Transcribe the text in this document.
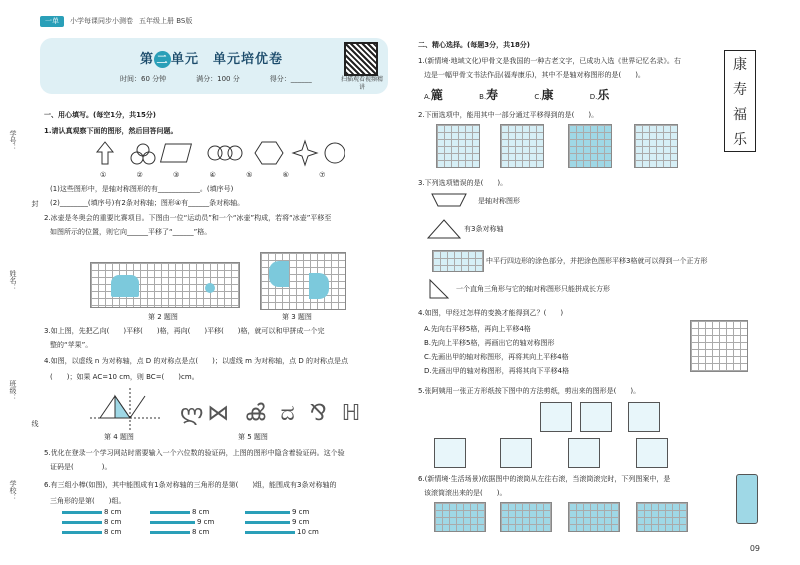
一单	小学每课同步小测卷 五年级上册 BS版
第 二 单元　单元培优卷
时间：60 分钟	满分：100 分	得分：______	扫描观看视频精讲
学号：
姓名：
班级：
学校：
封
线
一、用心填写。(每空1分，共15分)
1.请认真观察下面的图形，然后回答问题。
①	②	③	④	⑤	⑥	⑦
(1)这些图形中，是轴对称图形的有____________。(填序号)
(2)________(填序号)有2条对称轴；图形④有______条对称轴。
2.冰壶是冬奥会的重要比赛项目。下图由一位“运动员”和一个“冰壶”构成，若将“冰壶”平移至
如图所示的位置，则它向______平移了“______”格。
第 2 题图	第 3 题图
3.如上图，先把乙向(　　)平移(　　)格，再向(　　)平移(　　)格，就可以和甲拼成一个完
整的“苹果”。
4.如图，以虚线 n 为对称轴，点 D 的对称点是点(　　)；以虚线 m 为对称轴，点 D 的对称点是点
(　　)；如果 AC=10 cm，则 BC=(　　)cm。
第 4 题图
ლ⋈ ൿ ದ ⅋ ℍ
第 5 题图
5.优化在登录一个学习网站时需要输入一个六位数的验证码，上图的图形中隐含着验证码。这个验
证码是(　　　　)。
6.有三组小棒(如图)，其中能围成有1条对称轴的三角形的是第(　　)组，能围成有3条对称轴的
三角形的是第(　　)组。
8 cm
8 cm
8 cm
8 cm
9 cm
8 cm
9 cm
9 cm
10 cm
二、精心选择。(每题3分，共18分)
1.(新情境·地域文化)甲骨文是我国的一种古老文字，已成功入选《世界记忆名录》。右
边是一幅甲骨文书法作品(福寿康乐)，其中不是轴对称图形的是(　　)。
A.簏	B.寿	C.康	D.乐
康
寿
福
乐
2.下面选项中，能用其中一部分通过平移得到的是(　　)。
3.下列选项错误的是(　　)。
是轴对称图形
有3条对称轴
中平行四边形的涂色部分，并把涂色图形平移3格就可以得到一个正方形
一个直角三角形与它的轴对称图形只能拼成长方形
4.如图，甲经过怎样的变换才能得到乙？(　　)
A.先向右平移5格，再向上平移4格
B.先向上平移5格，再画出它的轴对称图形
C.先画出甲的轴对称图形，再将其向上平移4格
D.先画出甲的轴对称图形，再将其向下平移4格
5.张阿姨用一张正方形纸按下图中的方法剪纸，剪出来的图形是(　　)。
6.(新情境·生活场景)依据图中的滚筒从左往右滚，当滚筒滚完时，下列图案中，是
该滚筒滚出来的是(　　)。
09
